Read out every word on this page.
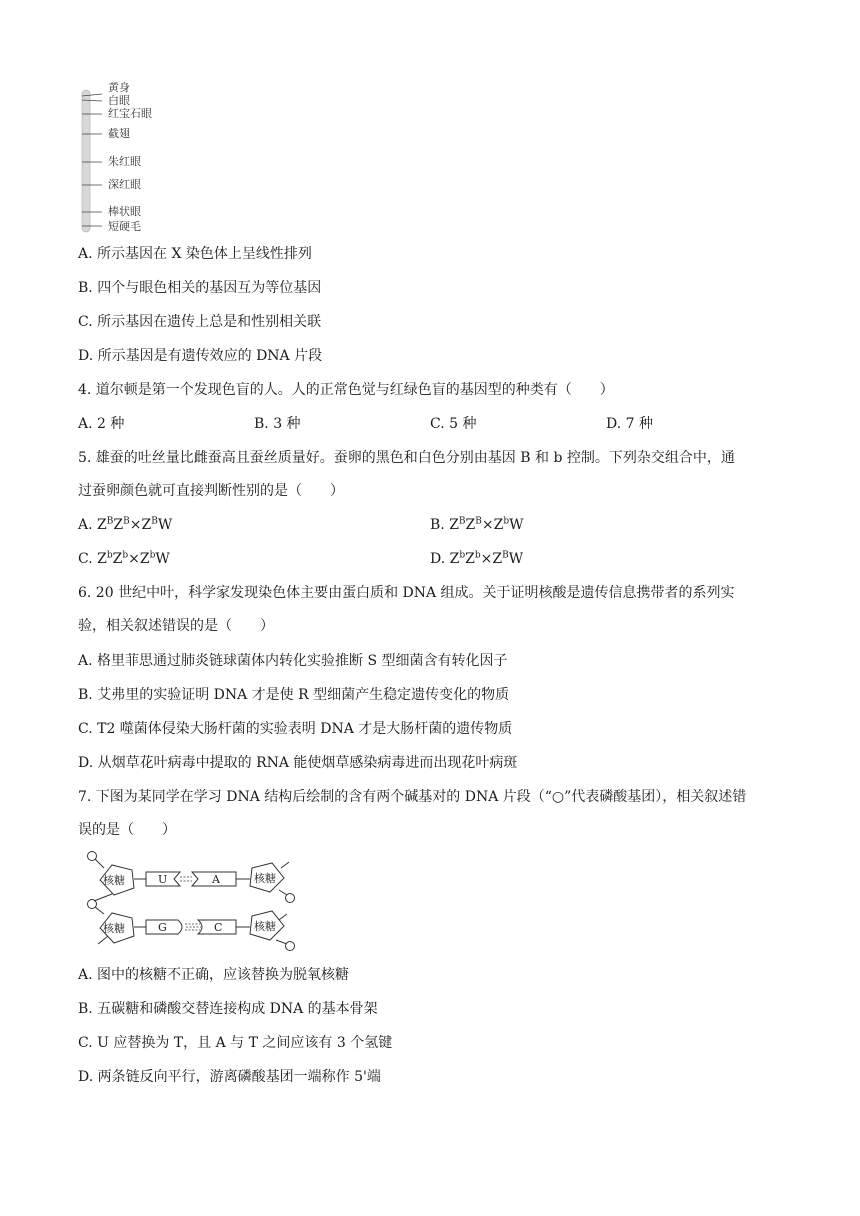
黄身
白眼
红宝石眼
截翅
朱红眼
深红眼
棒状眼
短硬毛
A. 所示基因在 X 染色体上呈线性排列
B. 四个与眼色相关的基因互为等位基因
C. 所示基因在遗传上总是和性别相关联
D. 所示基因是有遗传效应的 DNA 片段
4. 道尔顿是第一个发现色盲的人。人的正常色觉与红绿色盲的基因型的种类有（　　）
A. 2 种	B. 3 种	C. 5 种	D. 7 种
5. 雄蚕的吐丝量比雌蚕高且蚕丝质量好。蚕卵的黑色和白色分别由基因 B 和 b 控制。下列杂交组合中，通
过蚕卵颜色就可直接判断性别的是（　　）
A. $Z^BZ^B\times Z^BW$	B. $Z^BZ^B\times Z^bW$
C. $Z^bZ^b\times Z^bW$	D. $Z^bZ^b\times Z^BW$
6. 20 世纪中叶，科学家发现染色体主要由蛋白质和 DNA 组成。关于证明核酸是遗传信息携带者的系列实
验，相关叙述错误的是（　　）
A. 格里菲思通过肺炎链球菌体内转化实验推断 S 型细菌含有转化因子
B. 艾弗里的实验证明 DNA 才是使 R 型细菌产生稳定遗传变化的物质
C. T2 噬菌体侵染大肠杆菌的实验表明 DNA 才是大肠杆菌的遗传物质
D. 从烟草花叶病毒中提取的 RNA 能使烟草感染病毒进而出现花叶病斑
7. 下图为某同学在学习 DNA 结构后绘制的含有两个碱基对的 DNA 片段（“○”代表磷酸基团），相关叙述错
误的是（　　）
核糖
核糖
核糖
核糖
U	A
G	C
A. 图中的核糖不正确，应该替换为脱氧核糖
B. 五碳糖和磷酸交替连接构成 DNA 的基本骨架
C. U 应替换为 T，且 A 与 T 之间应该有 3 个氢键
D. 两条链反向平行，游离磷酸基团一端称作 5'端
